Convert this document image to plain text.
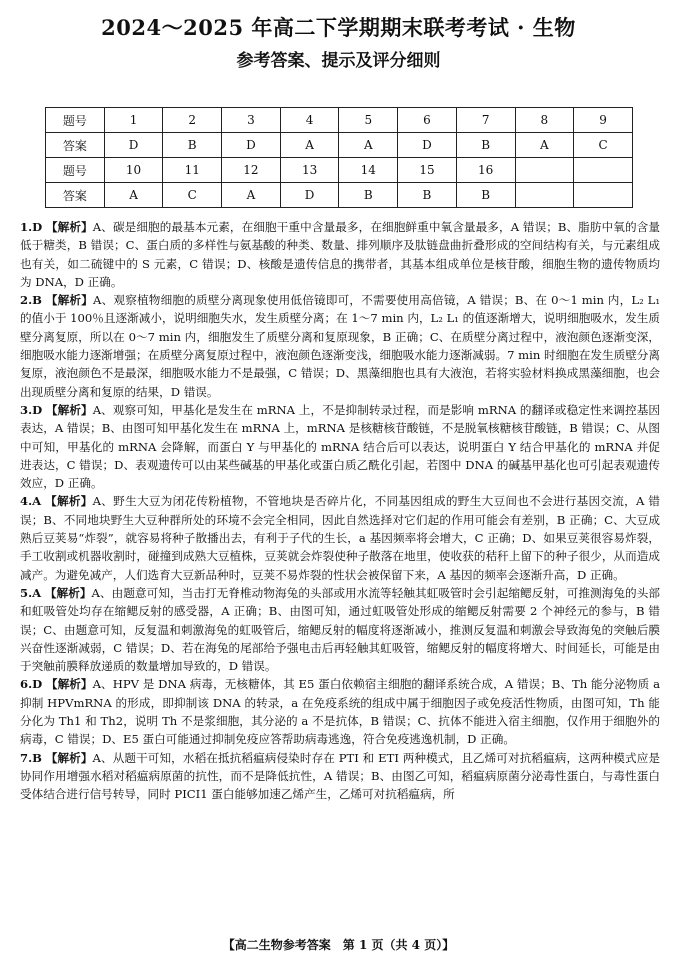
2024～2025 年高二下学期期末联考考试 · 生物
参考答案、提示及评分细则
题号	1	2	3	4	5	6	7	8	9
答案	D	B	D	A	A	D	B	A	C
题号	10	11	12	13	14	15	16		
答案	A	C	A	D	B	B	B		

1.D 【解析】A、碳是细胞的最基本元素，在细胞干重中含量最多，在细胞鲜重中氧含量最多，A 错误；B、脂肪中氧的含量低于糖类，B 错误；C、蛋白质的多样性与氨基酸的种类、数量、排列顺序及肽链盘曲折叠形成的空间结构有关，与元素组成也有关，如二硫键中的 S 元素，C 错误；D、核酸是遗传信息的携带者，其基本组成单位是核苷酸，细胞生物的遗传物质均为 DNA，D 正确。

2.B 【解析】A、观察植物细胞的质壁分离现象使用低倍镜即可，不需要使用高倍镜，A 错误；B、在 0～1 min 内，L₂ L₁ 的值小于 100％且逐渐减小，说明细胞失水，发生质壁分离；在 1～7 min 内，L₂ L₁ 的值逐渐增大，说明细胞吸水，发生质壁分离复原，所以在 0～7 min 内，细胞发生了质壁分离和复原现象，B 正确；C、在质壁分离过程中，液泡颜色逐渐变深，细胞吸水能力逐渐增强；在质壁分离复原过程中，液泡颜色逐渐变浅，细胞吸水能力逐渐减弱。7 min 时细胞在发生质壁分离复原，液泡颜色不是最深，细胞吸水能力不是最强，C 错误；D、黑藻细胞也具有大液泡，若将实验材料换成黑藻细胞，也会出现质壁分离和复原的结果，D 错误。

3.D 【解析】A、观察可知，甲基化是发生在 mRNA 上，不是抑制转录过程，而是影响 mRNA 的翻译或稳定性来调控基因表达，A 错误；B、由图可知甲基化发生在 mRNA 上，mRNA 是核糖核苷酸链，不是脱氧核糖核苷酸链，B 错误；C、从图中可知，甲基化的 mRNA 会降解，而蛋白 Y 与甲基化的 mRNA 结合后可以表达，说明蛋白 Y 结合甲基化的 mRNA 并促进表达，C 错误；D、表观遗传可以由某些碱基的甲基化或蛋白质乙酰化引起，若图中 DNA 的碱基甲基化也可引起表观遗传效应，D 正确。

4.A 【解析】A、野生大豆为闭花传粉植物，不管地块是否碎片化，不同基因组成的野生大豆间也不会进行基因交流，A 错误；B、不同地块野生大豆种群所处的环境不会完全相同，因此自然选择对它们起的作用可能会有差别，B 正确；C、大豆成熟后豆荚易“炸裂”，就容易将种子散播出去，有利于子代的生长，a 基因频率将会增大，C 正确；D、如果豆荚很容易炸裂，手工收割或机器收割时，碰撞到成熟大豆植株，豆荚就会炸裂使种子散落在地里，使收获的秸秆上留下的种子很少，从而造成减产。为避免减产，人们选育大豆新品种时，豆荚不易炸裂的性状会被保留下来，A 基因的频率会逐渐升高，D 正确。

5.A 【解析】A、由题意可知，当击打无脊椎动物海兔的头部或用水流等轻触其虹吸管时会引起缩鳃反射，可推测海兔的头部和虹吸管处均存在缩鳃反射的感受器，A 正确；B、由图可知，通过虹吸管处形成的缩鳃反射需要 2 个神经元的参与，B 错误；C、由题意可知，反复温和刺激海兔的虹吸管后，缩鳃反射的幅度将逐渐减小，推测反复温和刺激会导致海兔的突触后膜兴奋性逐渐减弱，C 错误；D、若在海兔的尾部给予强电击后再轻触其虹吸管，缩鳃反射的幅度将增大、时间延长，可能是由于突触前膜释放递质的数量增加导致的，D 错误。

6.D 【解析】A、HPV 是 DNA 病毒，无核糖体，其 E5 蛋白依赖宿主细胞的翻译系统合成，A 错误；B、Th 能分泌物质 a 抑制 HPVmRNA 的形成，即抑制该 DNA 的转录，a 在免疫系统的组成中属于细胞因子或免疫活性物质，由图可知，Th 能分化为 Th1 和 Th2，说明 Th 不是浆细胞，其分泌的 a 不是抗体，B 错误；C、抗体不能进入宿主细胞，仅作用于细胞外的病毒，C 错误；D、E5 蛋白可能通过抑制免疫应答帮助病毒逃逸，符合免疫逃逸机制，D 正确。

7.B 【解析】A、从题干可知，水稻在抵抗稻瘟病侵染时存在 PTI 和 ETI 两种模式，且乙烯可对抗稻瘟病，这两种模式应是协同作用增强水稻对稻瘟病原菌的抗性，而不是降低抗性，A 错误；B、由图乙可知，稻瘟病原菌分泌毒性蛋白，与毒性蛋白受体结合进行信号转导，同时 PICI1 蛋白能够加速乙烯产生，乙烯可对抗稻瘟病，所

【高二生物参考答案　第 1 页（共 4 页）】
